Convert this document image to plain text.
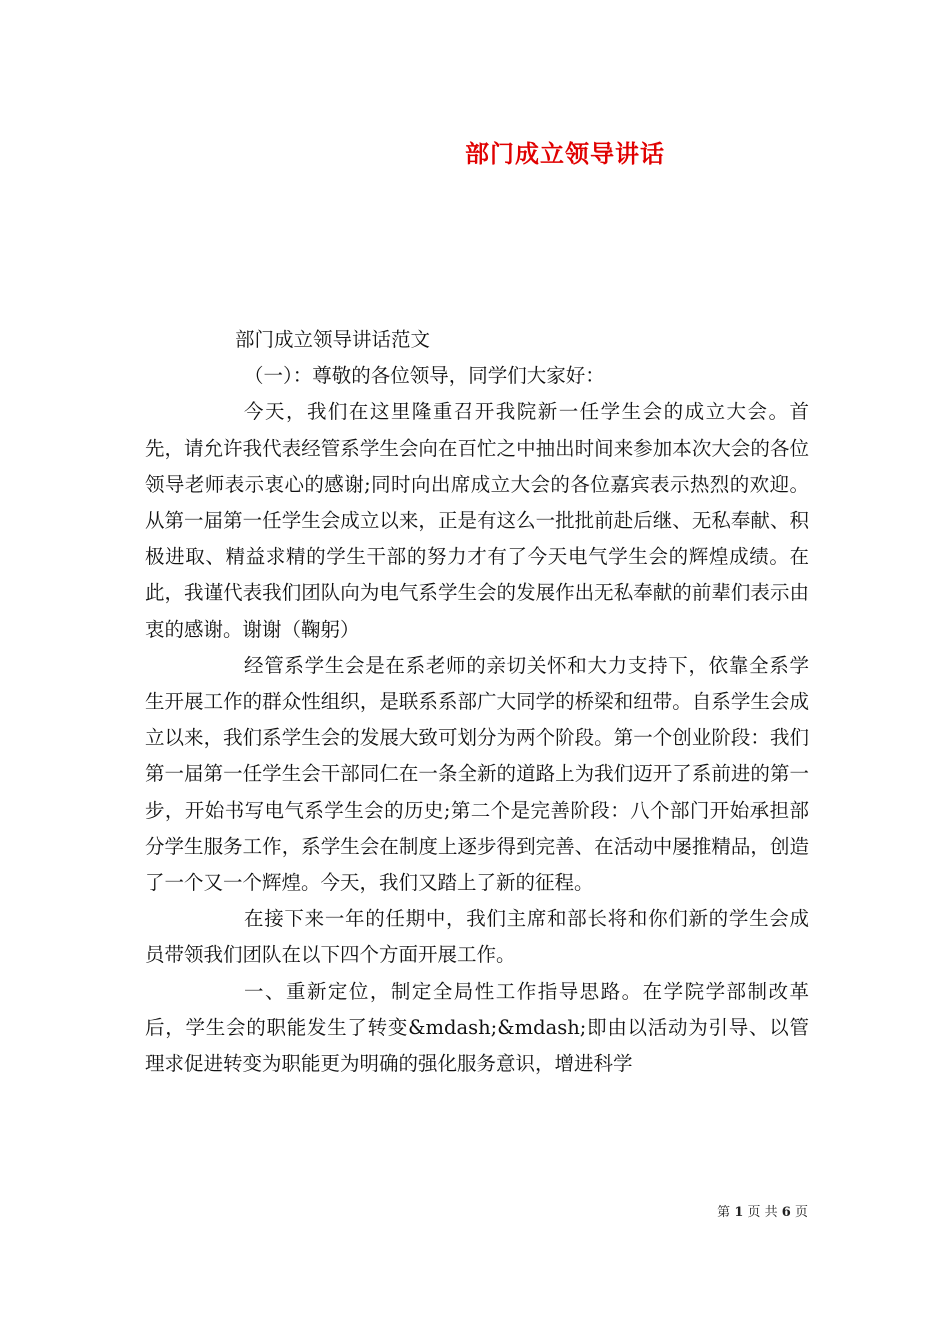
部门成立领导讲话

部门成立领导讲话范文

（一）：尊敬的各位领导，同学们大家好：

今天，我们在这里隆重召开我院新一任学生会的成立大会。首先，请允许我代表经管系学生会向在百忙之中抽出时间来参加本次大会的各位领导老师表示衷心的感谢;同时向出席成立大会的各位嘉宾表示热烈的欢迎。从第一届第一任学生会成立以来，正是有这么一批批前赴后继、无私奉献、积极进取、精益求精的学生干部的努力才有了今天电气学生会的辉煌成绩。在此，我谨代表我们团队向为电气系学生会的发展作出无私奉献的前辈们表示由衷的感谢。谢谢（鞠躬）

经管系学生会是在系老师的亲切关怀和大力支持下，依靠全系学生开展工作的群众性组织，是联系系部广大同学的桥梁和纽带。自系学生会成立以来，我们系学生会的发展大致可划分为两个阶段。第一个创业阶段：我们第一届第一任学生会干部同仁在一条全新的道路上为我们迈开了系前进的第一步，开始书写电气系学生会的历史;第二个是完善阶段：八个部门开始承担部分学生服务工作，系学生会在制度上逐步得到完善、在活动中屡推精品，创造了一个又一个辉煌。今天，我们又踏上了新的征程。

在接下来一年的任期中，我们主席和部长将和你们新的学生会成员带领我们团队在以下四个方面开展工作。

一、重新定位，制定全局性工作指导思路。在学院学部制改革后，学生会的职能发生了转变&mdash;&mdash;即由以活动为引导、以管理求促进转变为职能更为明确的强化服务意识，增进科学

第 1 页 共 6 页
